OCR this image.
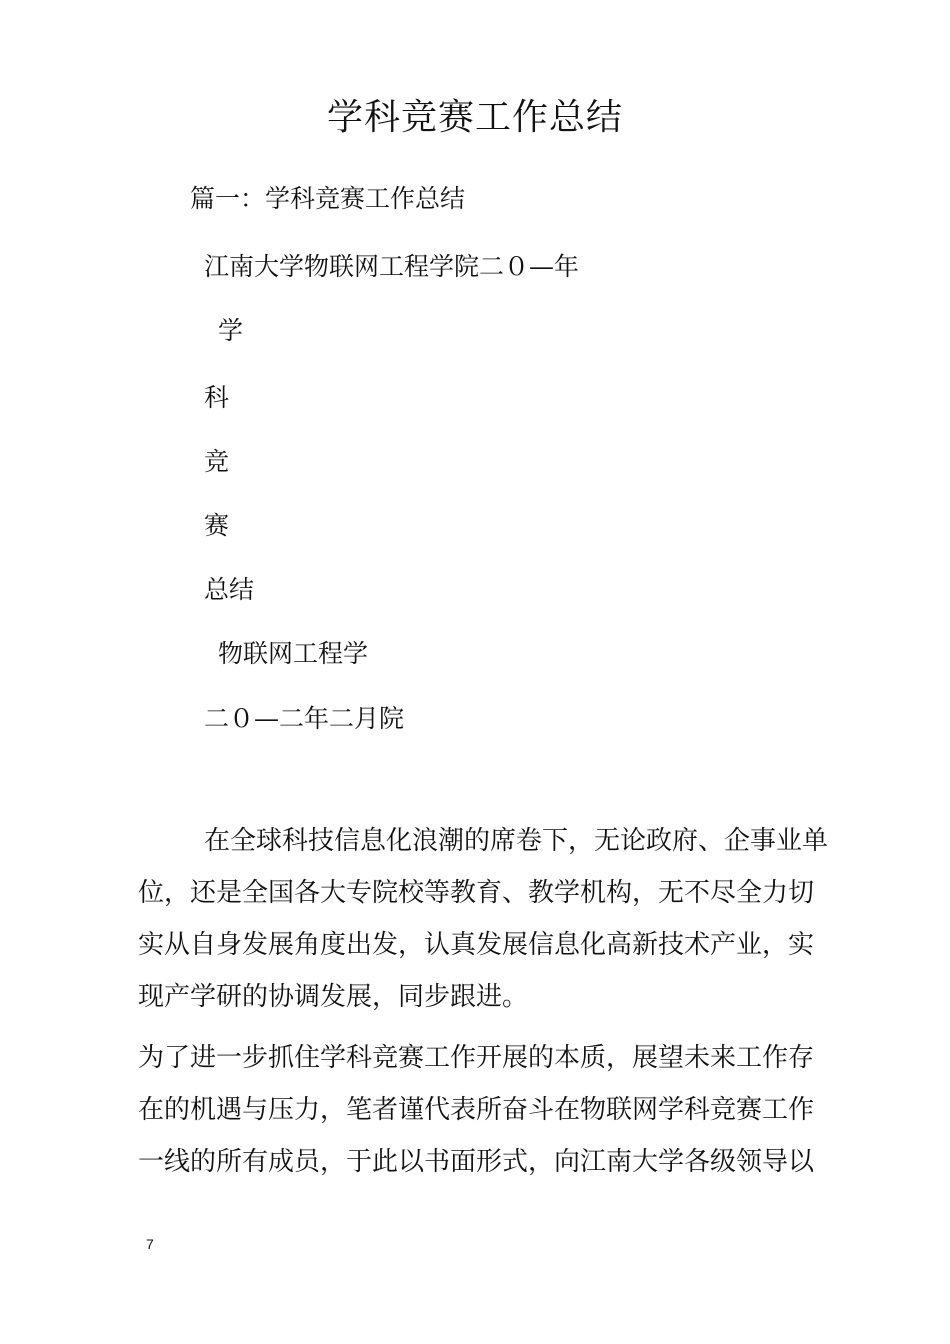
学科竞赛工作总结
篇一：学科竞赛工作总结
江南大学物联网工程学院二０—年
学
科
竞
赛
总结
物联网工程学
二０—二年二月院
在全球科技信息化浪潮的席卷下，无论政府、企事业单
位，还是全国各大专院校等教育、教学机构，无不尽全力切
实从自身发展角度出发，认真发展信息化高新技术产业，实
现产学研的协调发展，同步跟进。
为了进一步抓住学科竞赛工作开展的本质，展望未来工作存
在的机遇与压力，笔者谨代表所奋斗在物联网学科竞赛工作
一线的所有成员，于此以书面形式，向江南大学各级领导以
7
